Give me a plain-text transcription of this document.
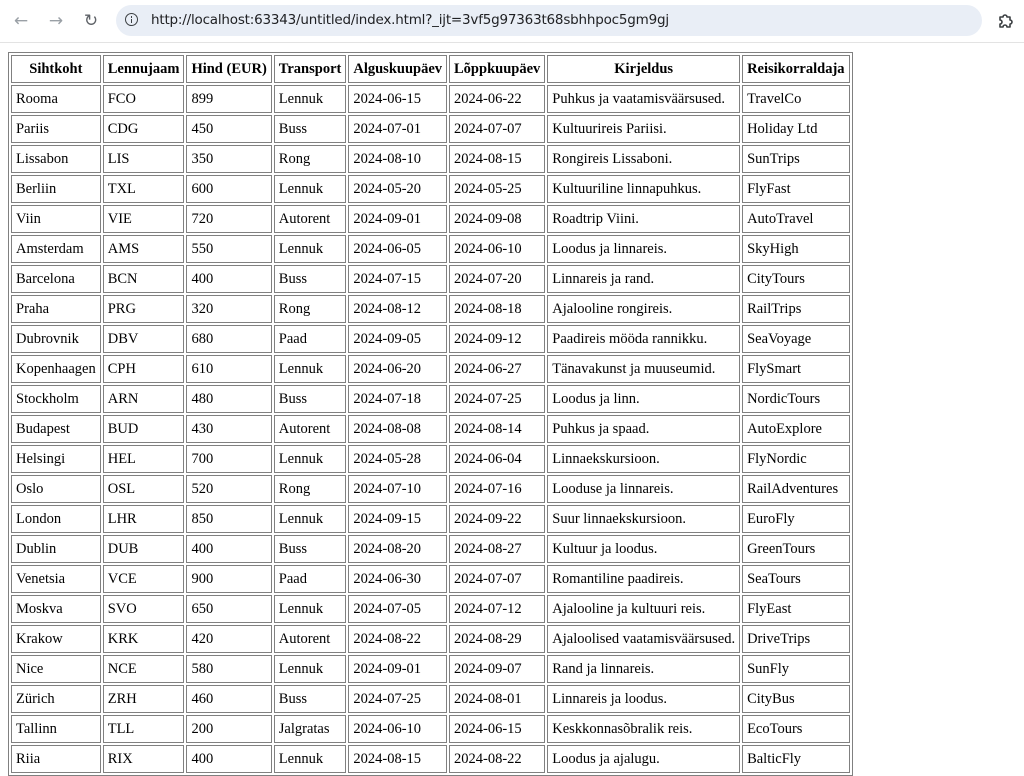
←	→	↻	http://localhost:63343/untitled/index.html?_ijt=3vf5g97363t68sbhhpoc5gm9gj
Sihtkoht	Lennujaam	Hind (EUR)	Transport	Alguskuupäev	Lõppkuupäev	Kirjeldus	Reisikorraldaja
Rooma	FCO	899	Lennuk	2024-06-15	2024-06-22	Puhkus ja vaatamisväärsused.	TravelCo
Pariis	CDG	450	Buss	2024-07-01	2024-07-07	Kultuurireis Pariisi.	Holiday Ltd
Lissabon	LIS	350	Rong	2024-08-10	2024-08-15	Rongireis Lissaboni.	SunTrips
Berliin	TXL	600	Lennuk	2024-05-20	2024-05-25	Kultuuriline linnapuhkus.	FlyFast
Viin	VIE	720	Autorent	2024-09-01	2024-09-08	Roadtrip Viini.	AutoTravel
Amsterdam	AMS	550	Lennuk	2024-06-05	2024-06-10	Loodus ja linnareis.	SkyHigh
Barcelona	BCN	400	Buss	2024-07-15	2024-07-20	Linnareis ja rand.	CityTours
Praha	PRG	320	Rong	2024-08-12	2024-08-18	Ajalooline rongireis.	RailTrips
Dubrovnik	DBV	680	Paad	2024-09-05	2024-09-12	Paadireis mööda rannikku.	SeaVoyage
Kopenhaagen	CPH	610	Lennuk	2024-06-20	2024-06-27	Tänavakunst ja muuseumid.	FlySmart
Stockholm	ARN	480	Buss	2024-07-18	2024-07-25	Loodus ja linn.	NordicTours
Budapest	BUD	430	Autorent	2024-08-08	2024-08-14	Puhkus ja spaad.	AutoExplore
Helsingi	HEL	700	Lennuk	2024-05-28	2024-06-04	Linnaekskursioon.	FlyNordic
Oslo	OSL	520	Rong	2024-07-10	2024-07-16	Looduse ja linnareis.	RailAdventures
London	LHR	850	Lennuk	2024-09-15	2024-09-22	Suur linnaekskursioon.	EuroFly
Dublin	DUB	400	Buss	2024-08-20	2024-08-27	Kultuur ja loodus.	GreenTours
Venetsia	VCE	900	Paad	2024-06-30	2024-07-07	Romantiline paadireis.	SeaTours
Moskva	SVO	650	Lennuk	2024-07-05	2024-07-12	Ajalooline ja kultuuri reis.	FlyEast
Krakow	KRK	420	Autorent	2024-08-22	2024-08-29	Ajaloolised vaatamisväärsused.	DriveTrips
Nice	NCE	580	Lennuk	2024-09-01	2024-09-07	Rand ja linnareis.	SunFly
Zürich	ZRH	460	Buss	2024-07-25	2024-08-01	Linnareis ja loodus.	CityBus
Tallinn	TLL	200	Jalgratas	2024-06-10	2024-06-15	Keskkonnasõbralik reis.	EcoTours
Riia	RIX	400	Lennuk	2024-08-15	2024-08-22	Loodus ja ajalugu.	BalticFly
